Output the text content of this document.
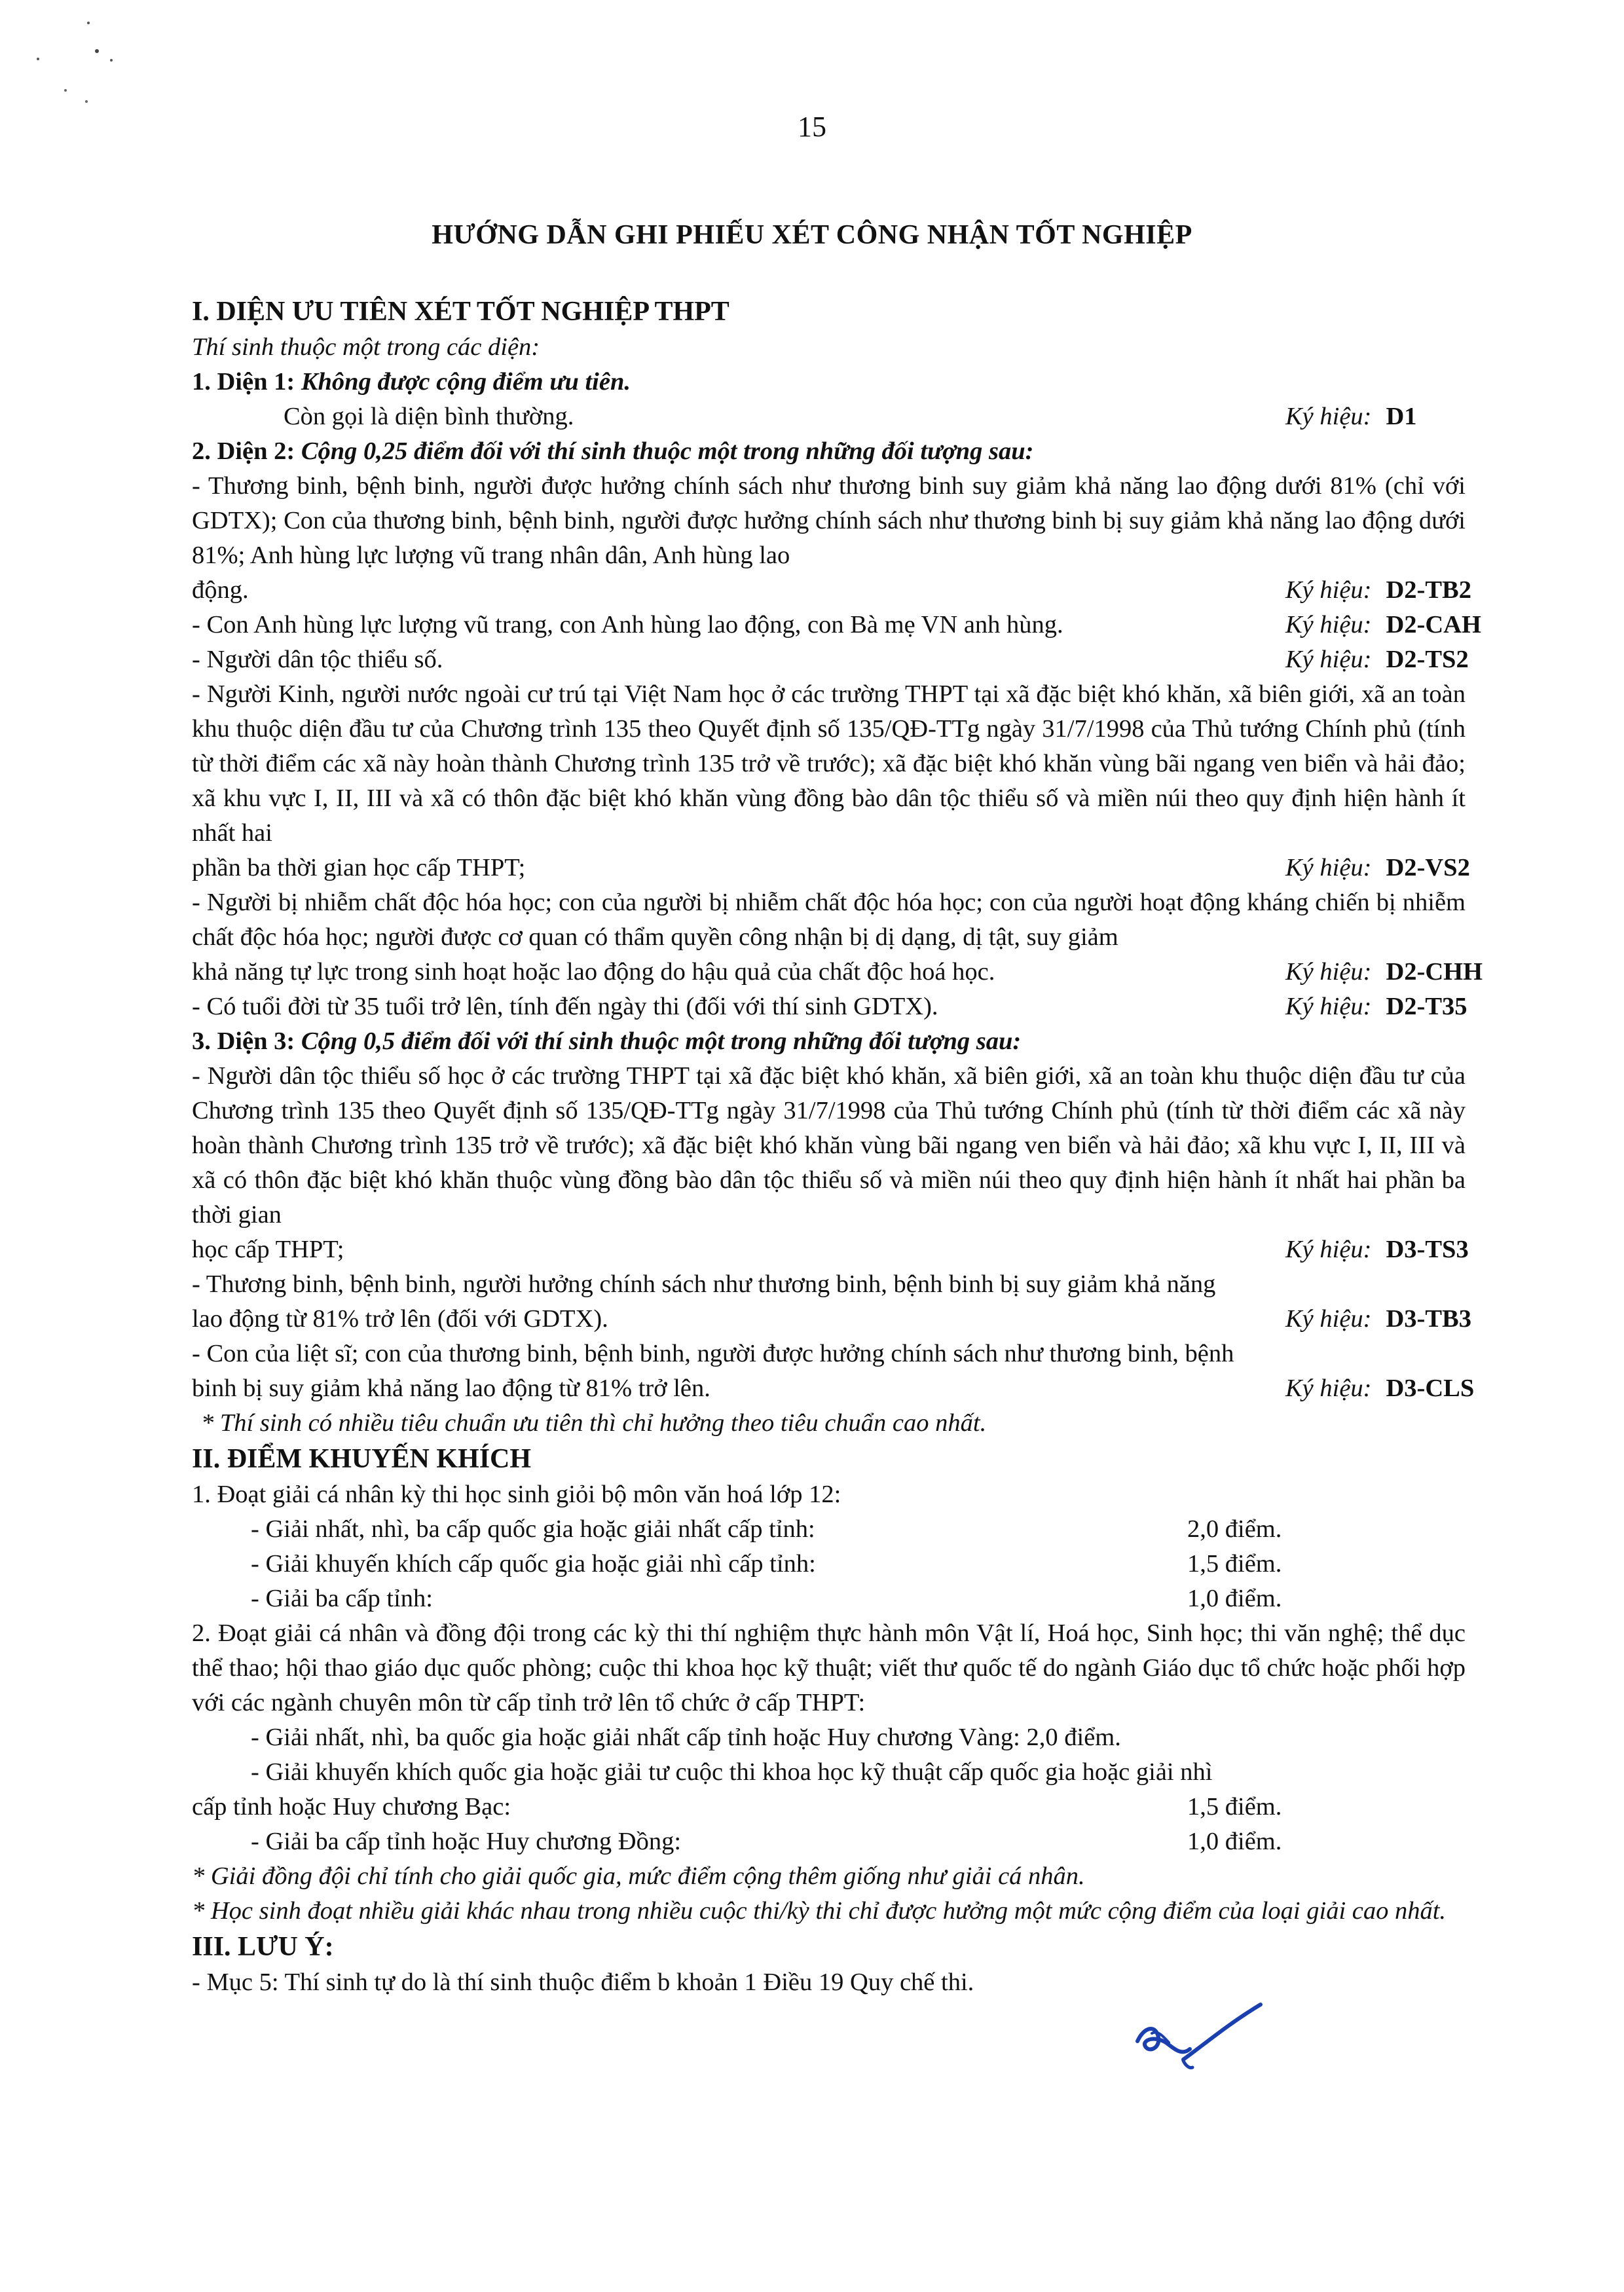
15
HƯỚNG DẪN GHI PHIẾU XÉT CÔNG NHẬN TỐT NGHIỆP
I. DIỆN ƯU TIÊN XÉT TỐT NGHIỆP THPT
Thí sinh thuộc một trong các diện:
1. Diện 1: Không được cộng điểm ưu tiên.
Còn gọi là diện bình thường.	Ký hiệu: D1
2. Diện 2: Cộng 0,25 điểm đối với thí sinh thuộc một trong những đối tượng sau:
- Thương binh, bệnh binh, người được hưởng chính sách như thương binh suy giảm khả năng lao động dưới 81% (chỉ với GDTX); Con của thương binh, bệnh binh, người được hưởng chính sách như thương binh bị suy giảm khả năng lao động dưới 81%; Anh hùng lực lượng vũ trang nhân dân, Anh hùng lao
động.	Ký hiệu: D2-TB2
- Con Anh hùng lực lượng vũ trang, con Anh hùng lao động, con Bà mẹ VN anh hùng.	Ký hiệu: D2-CAH
- Người dân tộc thiểu số.	Ký hiệu: D2-TS2
- Người Kinh, người nước ngoài cư trú tại Việt Nam học ở các trường THPT tại xã đặc biệt khó khăn, xã biên giới, xã an toàn khu thuộc diện đầu tư của Chương trình 135 theo Quyết định số 135/QĐ-TTg ngày 31/7/1998 của Thủ tướng Chính phủ (tính từ thời điểm các xã này hoàn thành Chương trình 135 trở về trước); xã đặc biệt khó khăn vùng bãi ngang ven biển và hải đảo; xã khu vực I, II, III và xã có thôn đặc biệt khó khăn vùng đồng bào dân tộc thiểu số và miền núi theo quy định hiện hành ít nhất hai
phần ba thời gian học cấp THPT;	Ký hiệu: D2-VS2
- Người bị nhiễm chất độc hóa học; con của người bị nhiễm chất độc hóa học; con của người hoạt động kháng chiến bị nhiễm chất độc hóa học; người được cơ quan có thẩm quyền công nhận bị dị dạng, dị tật, suy giảm
khả năng tự lực trong sinh hoạt hoặc lao động do hậu quả của chất độc hoá học.	Ký hiệu: D2-CHH
- Có tuổi đời từ 35 tuổi trở lên, tính đến ngày thi (đối với thí sinh GDTX).	Ký hiệu: D2-T35
3. Diện 3: Cộng 0,5 điểm đối với thí sinh thuộc một trong những đối tượng sau:
- Người dân tộc thiểu số học ở các trường THPT tại xã đặc biệt khó khăn, xã biên giới, xã an toàn khu thuộc diện đầu tư của Chương trình 135 theo Quyết định số 135/QĐ-TTg ngày 31/7/1998 của Thủ tướng Chính phủ (tính từ thời điểm các xã này hoàn thành Chương trình 135 trở về trước); xã đặc biệt khó khăn vùng bãi ngang ven biển và hải đảo; xã khu vực I, II, III và xã có thôn đặc biệt khó khăn thuộc vùng đồng bào dân tộc thiểu số và miền núi theo quy định hiện hành ít nhất hai phần ba thời gian
học cấp THPT;	Ký hiệu: D3-TS3
- Thương binh, bệnh binh, người hưởng chính sách như thương binh, bệnh binh bị suy giảm khả năng
lao động từ 81% trở lên (đối với GDTX).	Ký hiệu: D3-TB3
- Con của liệt sĩ; con của thương binh, bệnh binh, người được hưởng chính sách như thương binh, bệnh
binh bị suy giảm khả năng lao động từ 81% trở lên.	Ký hiệu: D3-CLS
* Thí sinh có nhiều tiêu chuẩn ưu tiên thì chỉ hưởng theo tiêu chuẩn cao nhất.
II. ĐIỂM KHUYẾN KHÍCH
1. Đoạt giải cá nhân kỳ thi học sinh giỏi bộ môn văn hoá lớp 12:
- Giải nhất, nhì, ba cấp quốc gia hoặc giải nhất cấp tỉnh:	2,0 điểm.
- Giải khuyến khích cấp quốc gia hoặc giải nhì cấp tỉnh:	1,5 điểm.
- Giải ba cấp tỉnh:	1,0 điểm.
2. Đoạt giải cá nhân và đồng đội trong các kỳ thi thí nghiệm thực hành môn Vật lí, Hoá học, Sinh học; thi văn nghệ; thể dục thể thao; hội thao giáo dục quốc phòng; cuộc thi khoa học kỹ thuật; viết thư quốc tế do ngành Giáo dục tổ chức hoặc phối hợp với các ngành chuyên môn từ cấp tỉnh trở lên tổ chức ở cấp THPT:
- Giải nhất, nhì, ba quốc gia hoặc giải nhất cấp tỉnh hoặc Huy chương Vàng: 2,0 điểm.
- Giải khuyến khích quốc gia hoặc giải tư cuộc thi khoa học kỹ thuật cấp quốc gia hoặc giải nhì
cấp tỉnh hoặc Huy chương Bạc:	1,5 điểm.
- Giải ba cấp tỉnh hoặc Huy chương Đồng:	1,0 điểm.
* Giải đồng đội chỉ tính cho giải quốc gia, mức điểm cộng thêm giống như giải cá nhân.
* Học sinh đoạt nhiều giải khác nhau trong nhiều cuộc thi/kỳ thi chỉ được hưởng một mức cộng điểm của loại giải cao nhất.
III. LƯU Ý:
- Mục 5: Thí sinh tự do là thí sinh thuộc điểm b khoản 1 Điều 19 Quy chế thi.
